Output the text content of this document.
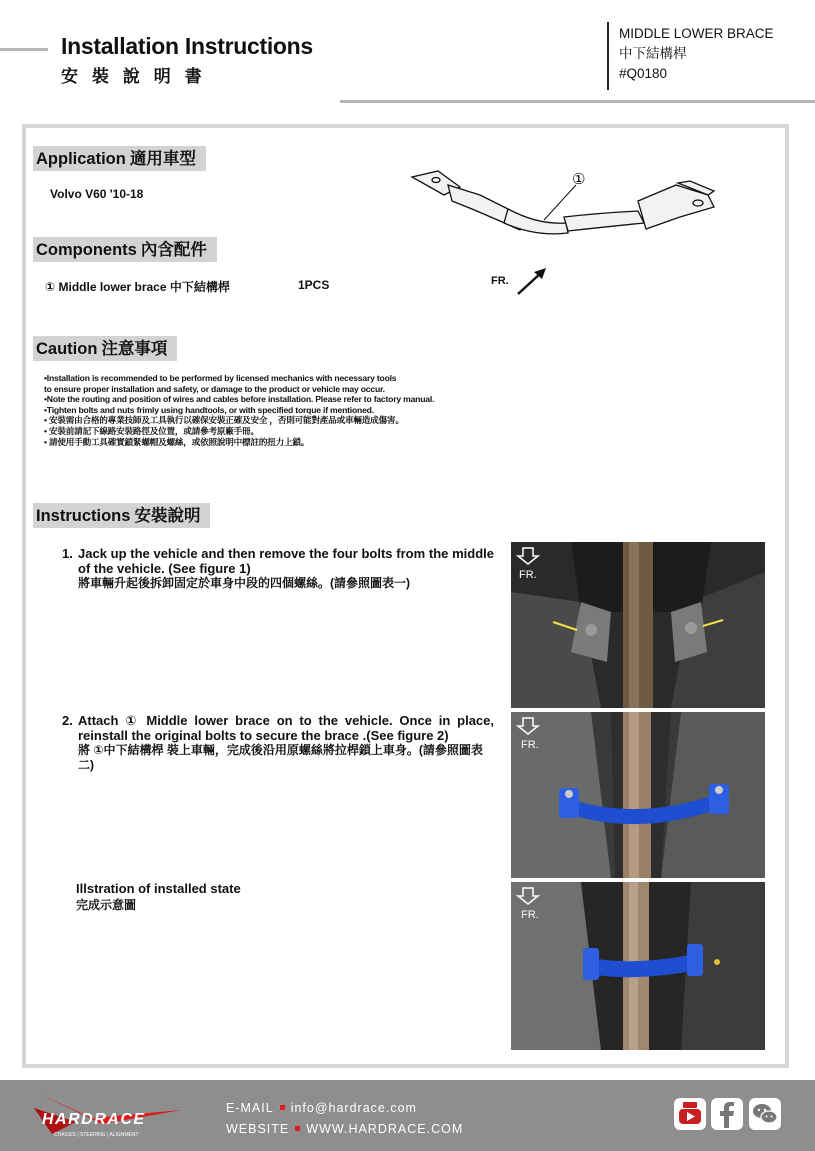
Installation Instructions
安 裝 說 明 書
MIDDLE LOWER BRACE
中下結構桿
#Q0180
Application 適用車型
Volvo V60 '10-18
①
FR.
Components 內含配件
① Middle lower brace 中下結構桿	1PCS
Caution 注意事項
•Installation is recommended to be performed by licensed mechanics with necessary tools
to ensure proper installation and safety, or damage to the product or vehicle may occur.
•Note the routing and position of wires and cables before installation. Please refer to factory manual.
•Tighten bolts and nuts frimly using handtools, or with specified torque if mentioned.
• 安裝需由合格的專業技師及工具執行以確保安裝正確及安全 ，否則可能對產品或車輛造成傷害。
• 安裝前請記下線路安裝路徑及位置，或請參考原廠手冊。
• 請使用手動工具確實鎖緊螺帽及螺絲，或依照說明中標註的扭力上鎖。
Instructions 安裝說明
1. Jack up the vehicle and then remove the four bolts from the middle of the vehicle. (See figure 1)
將車輛升起後拆卸固定於車身中段的四個螺絲。(請參照圖表一)
2. Attach ① Middle lower brace on to the vehicle. Once in place, reinstall the original bolts to secure the brace .(See figure 2)
將 ①中下結構桿 裝上車輛，完成後沿用原螺絲將拉桿鎖上車身。(請參照圖表二)
Illstration of installed state
完成示意圖
FR.
FR.
FR.
HARDRACE
CHASSIS | STEERING | ALIGNMENT
E-MAIL info@hardrace.com
WEBSITE WWW.HARDRACE.COM
